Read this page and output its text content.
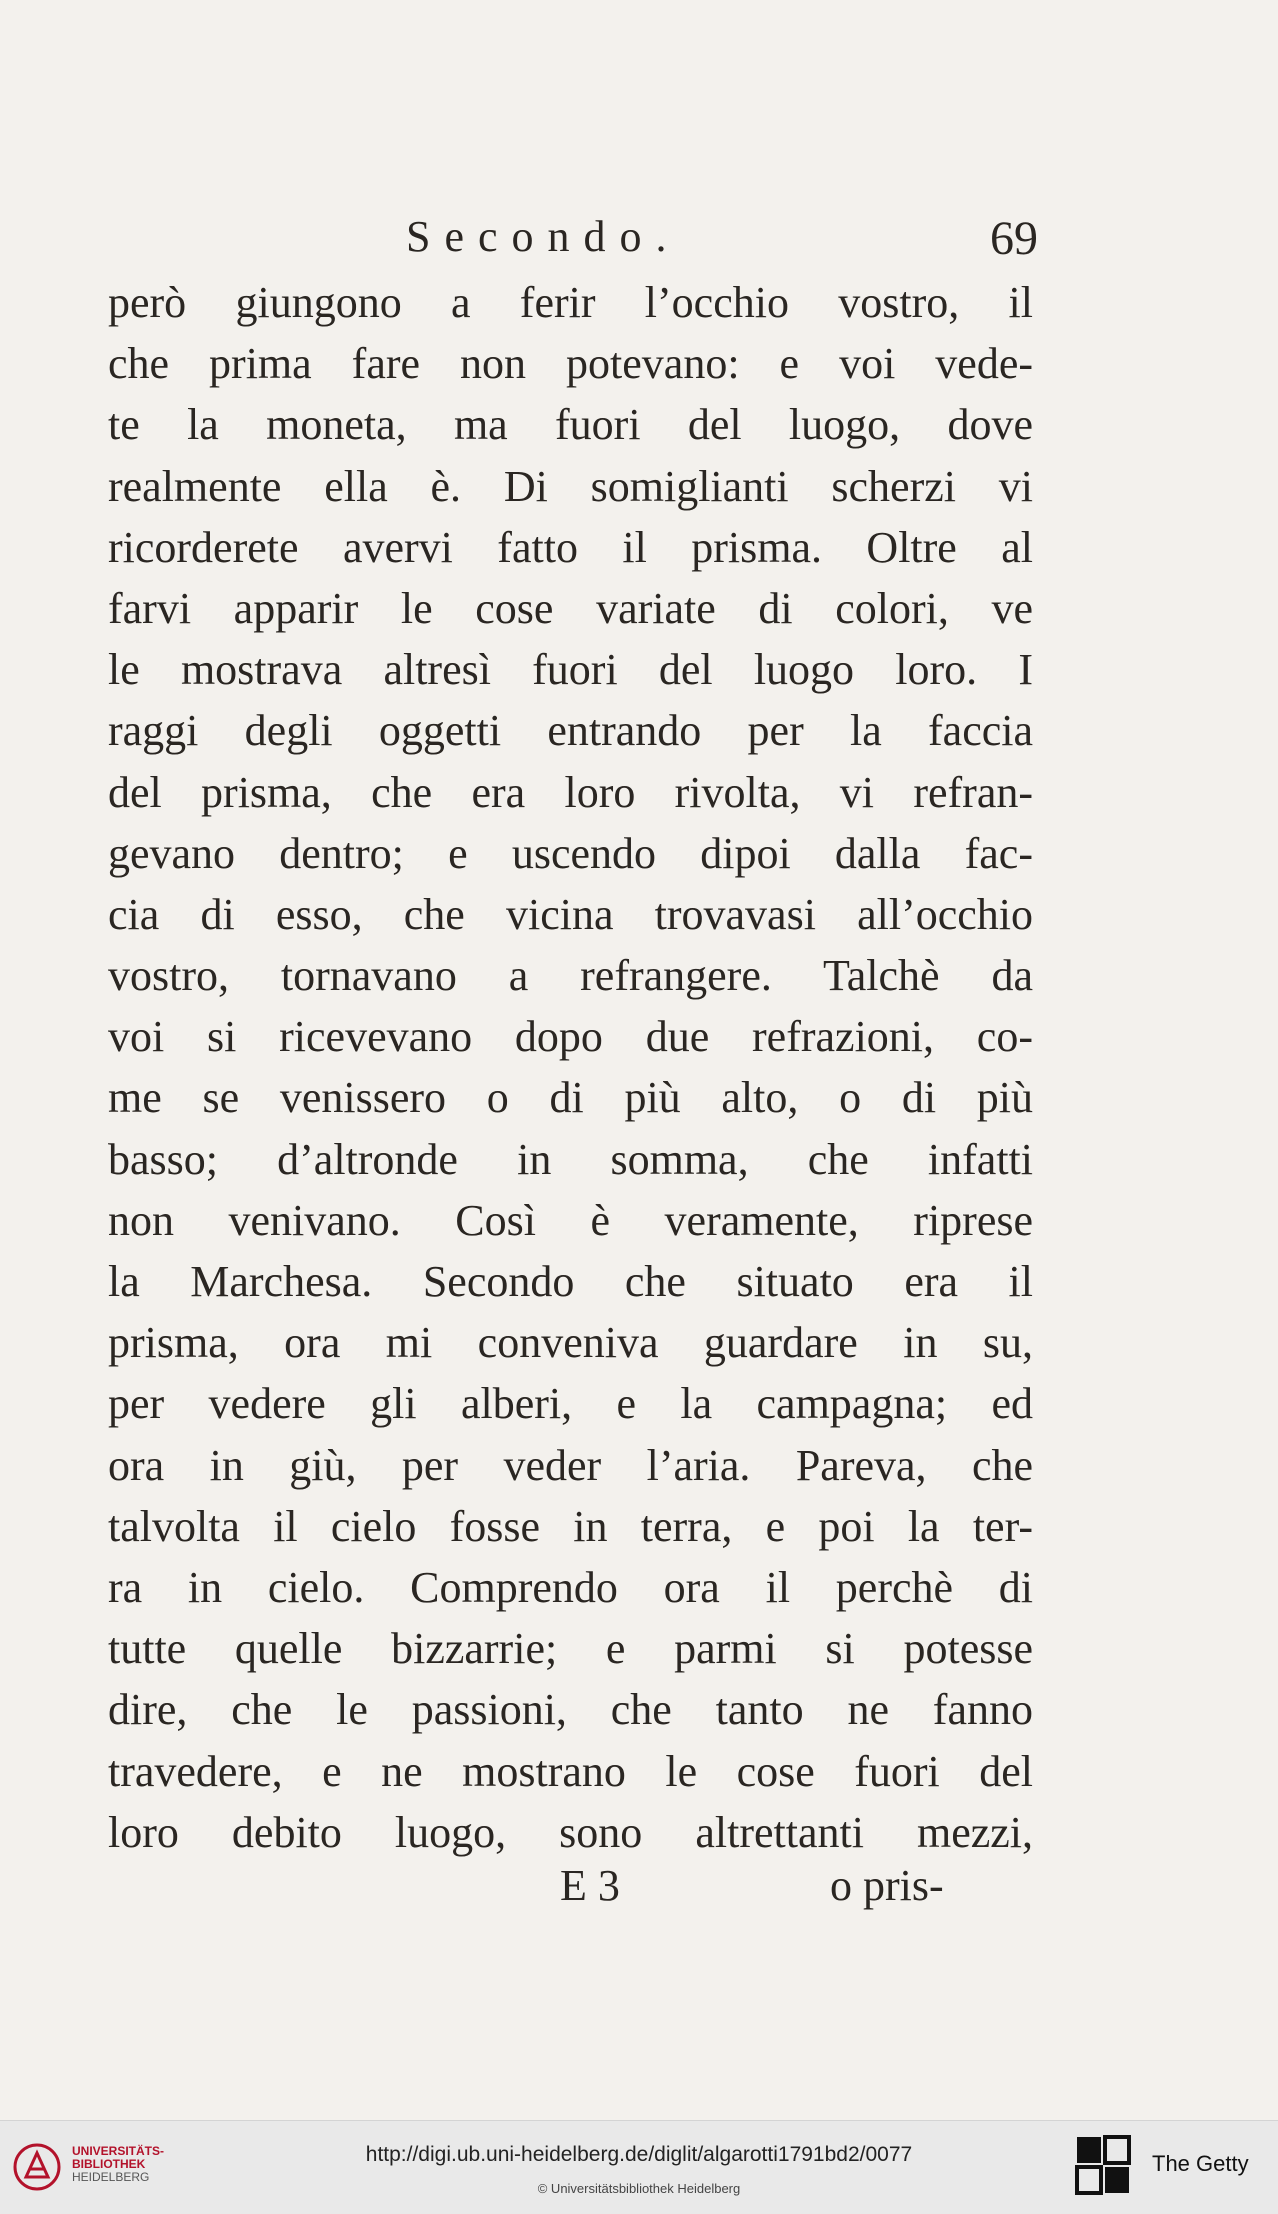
Secondo.	69
però giungono a ferir l’occhio vostro, il
che prima fare non potevano: e voi vede-
te la moneta, ma fuori del luogo, dove
realmente ella è. Di somiglianti scherzi vi
ricorderete avervi fatto il prisma. Oltre al
farvi apparir le cose variate di colori, ve
le mostrava altresì fuori del luogo loro. I
raggi degli oggetti entrando per la faccia
del prisma, che era loro rivolta, vi refran-
gevano dentro; e uscendo dipoi dalla fac-
cia di esso, che vicina trovavasi all’occhio
vostro, tornavano a refrangere. Talchè da
voi si ricevevano dopo due refrazioni, co-
me se venissero o di più alto, o di più
basso; d’altronde in somma, che infatti
non venivano. Così è veramente, riprese
la Marchesa. Secondo che situato era il
prisma, ora mi conveniva guardare in su,
per vedere gli alberi, e la campagna; ed
ora in giù, per veder l’aria. Pareva, che
talvolta il cielo fosse in terra, e poi la ter-
ra in cielo. Comprendo ora il perchè di
tutte quelle bizzarrie; e parmi si potesse
dire, che le passioni, che tanto ne fanno
travedere, e ne mostrano le cose fuori del
loro debito luogo, sono altrettanti mezzi,
E 3	o pris-
UNIVERSITÄTS-
BIBLIOTHEK
HEIDELBERG
http://digi.ub.uni-heidelberg.de/diglit/algarotti1791bd2/0077
© Universitätsbibliothek Heidelberg
The Getty
